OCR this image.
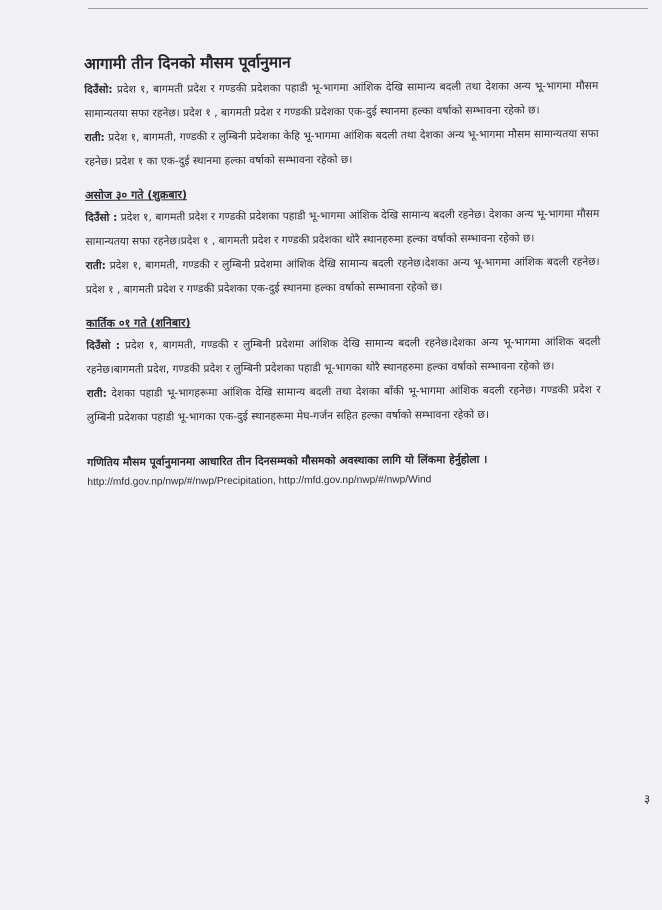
आगामी तीन दिनको मौसम पूर्वानुमान

दिउँसो: प्रदेश १, बागमती प्रदेश र गण्डकी प्रदेशका पहाडी भू-भागमा आंशिक देखि सामान्य बदली तथा देशका अन्य भू-भागमा मौसम सामान्यतया सफा रहनेछ। प्रदेश १ , बागमती प्रदेश र गण्डकी प्रदेशका एक-दुई स्थानमा हल्का वर्षाको सम्भावना रहेको छ।

राती: प्रदेश १, बागमती, गण्डकी र लुम्बिनी प्रदेशका केहि भू-भागमा आंशिक बदली तथा देशका अन्य भू-भागमा मौसम सामान्यतया सफा रहनेछ। प्रदेश १ का एक-दुई स्थानमा हल्का वर्षाको सम्भावना रहेको छ।

असोज ३० गते (शुक्रबार)

दिउँसो : प्रदेश १, बागमती प्रदेश र गण्डकी प्रदेशका पहाडी भू-भागमा आंशिक देखि सामान्य बदली रहनेछ। देशका अन्य भू-भागमा मौसम सामान्यतया सफा रहनेछ।प्रदेश १ , बागमती प्रदेश र गण्डकी प्रदेशका थोरै स्थानहरुमा हल्का वर्षाको सम्भावना रहेको छ।

राती: प्रदेश १, बागमती, गण्डकी र लुम्बिनी प्रदेशमा आंशिक देखि सामान्य बदली रहनेछ।देशका अन्य भू-भागमा आंशिक बदली रहनेछ। प्रदेश १ , बागमती प्रदेश र गण्डकी प्रदेशका एक-दुई स्थानमा हल्का वर्षाको सम्भावना रहेको छ।

कार्तिक ०१ गते (शनिबार)

दिउँसो : प्रदेश १, बागमती, गण्डकी र लुम्बिनी प्रदेशमा आंशिक देखि सामान्य बदली रहनेछ।देशका अन्य भू-भागमा आंशिक बदली रहनेछ।बागमती प्रदेश, गण्डकी प्रदेश र लुम्बिनी प्रदेशका पहाडी भू-भागका थोरै स्थानहरुमा हल्का वर्षाको सम्भावना रहेको छ।

राती: देशका पहाडी भू-भागहरूमा आंशिक देखि सामान्य बदली तथा देशका बाँकी भू-भागमा आंशिक बदली रहनेछ। गण्डकी प्रदेश र लुम्बिनी प्रदेशका पहाडी भू-भागका एक-दुई स्थानहरूमा मेघ-गर्जन सहित हल्का वर्षाको सम्भावना रहेको छ।

गणितिय मौसम पूर्वानुमानमा आधारित तीन दिनसम्मको मौसमको अवस्थाका लागि यो लिंकमा हेर्नुहोला ।
http://mfd.gov.np/nwp/#/nwp/Precipitation, http://mfd.gov.np/nwp/#/nwp/Wind
३
